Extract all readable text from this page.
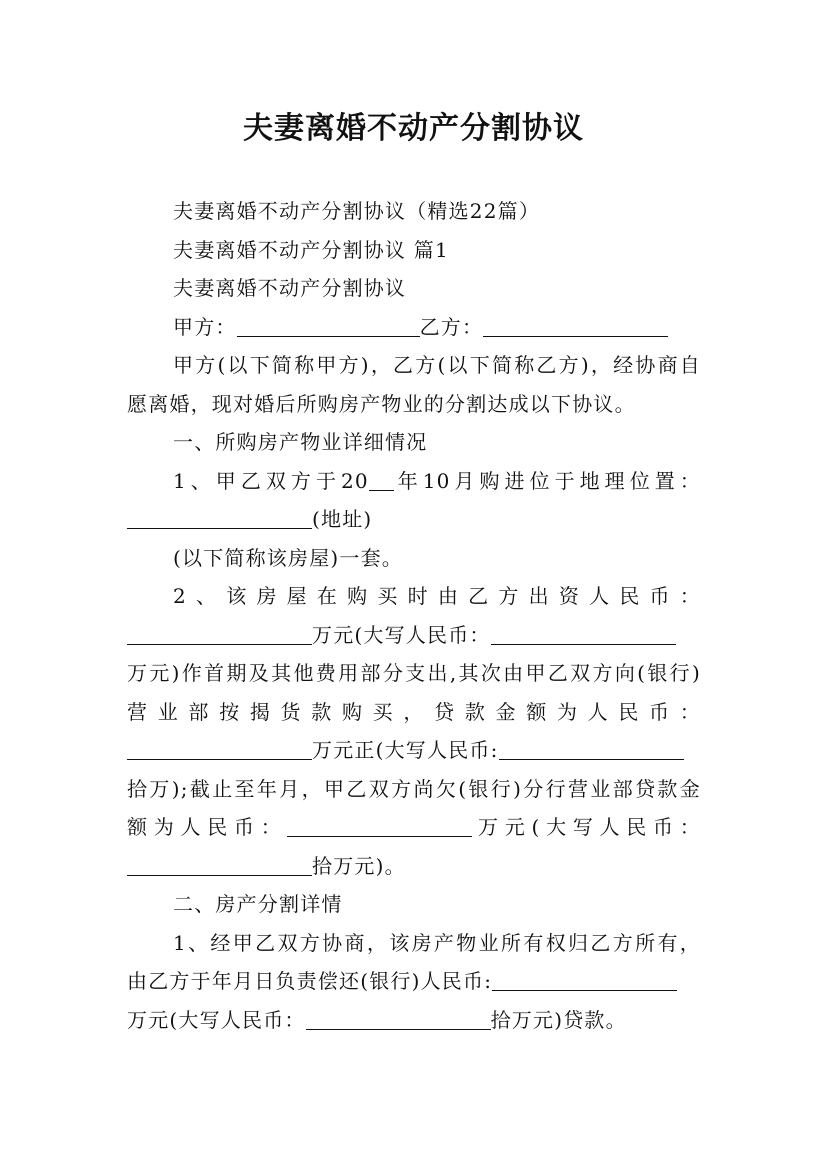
夫妻离婚不动产分割协议

夫妻离婚不动产分割协议（精选22篇）

夫妻离婚不动产分割协议 篇1

夫妻离婚不动产分割协议

甲方：	乙方：

甲方(以下简称甲方)，乙方(以下简称乙方)，经协商自

愿离婚，现对婚后所购房产物业的分割达成以下协议。

一、所购房产物业详细情况

1、甲乙双方于20 年10月购进位于地理位置：

(地址)

(以下简称该房屋)一套。

2、该房屋在购买时由乙方出资人民币：

万元(大写人民币：

万元)作首期及其他费用部分支出,其次由甲乙双方向(银行)

营业部按揭货款购买，贷款金额为人民币：

万元正(大写人民币:

拾万);截止至年月，甲乙双方尚欠(银行)分行营业部贷款金

额为人民币：	万元(大写人民币：

拾万元)。

二、房产分割详情

1、经甲乙双方协商，该房产物业所有权归乙方所有，

由乙方于年月日负责偿还(银行)人民币:

万元(大写人民币：	拾万元)贷款。
